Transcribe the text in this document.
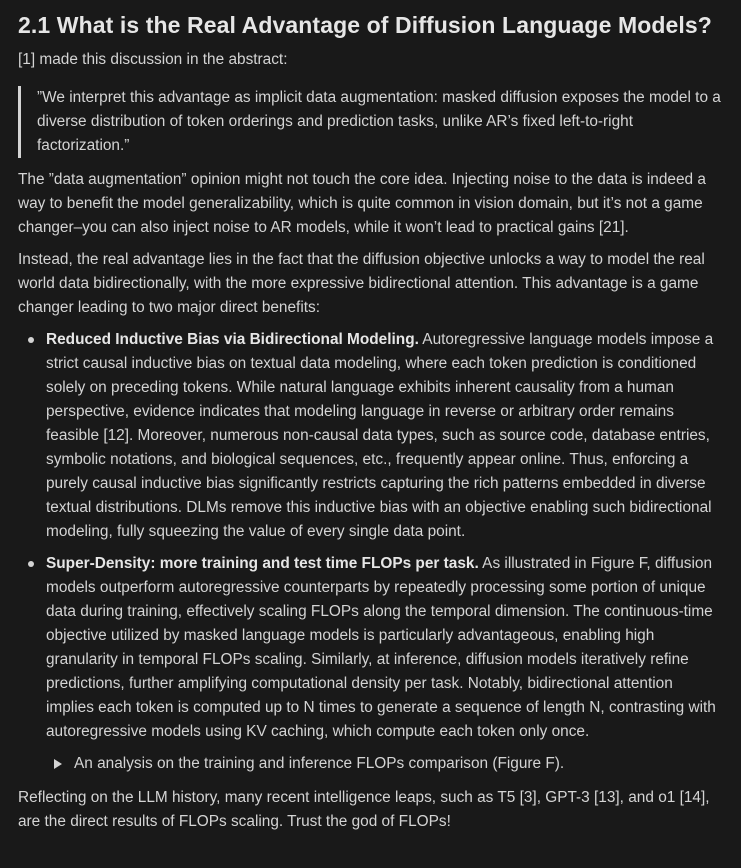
2.1 What is the Real Advantage of Diffusion Language Models?

[1] made this discussion in the abstract:

”We interpret this advantage as implicit data augmentation: masked diffusion exposes the model to a diverse distribution of token orderings and prediction tasks, unlike AR’s fixed left-to-right factorization.”

The ”data augmentation” opinion might not touch the core idea. Injecting noise to the data is indeed a way to benefit the model generalizability, which is quite common in vision domain, but it’s not a game changer–you can also inject noise to AR models, while it won’t lead to practical gains [21].

Instead, the real advantage lies in the fact that the diffusion objective unlocks a way to model the real world data bidirectionally, with the more expressive bidirectional attention. This advantage is a game changer leading to two major direct benefits:

Reduced Inductive Bias via Bidirectional Modeling. Autoregressive language models impose a strict causal inductive bias on textual data modeling, where each token prediction is conditioned solely on preceding tokens. While natural language exhibits inherent causality from a human perspective, evidence indicates that modeling language in reverse or arbitrary order remains feasible [12]. Moreover, numerous non-causal data types, such as source code, database entries, symbolic notations, and biological sequences, etc., frequently appear online. Thus, enforcing a purely causal inductive bias significantly restricts capturing the rich patterns embedded in diverse textual distributions. DLMs remove this inductive bias with an objective enabling such bidirectional modeling, fully squeezing the value of every single data point.
Super-Density: more training and test time FLOPs per task. As illustrated in Figure F, diffusion models outperform autoregressive counterparts by repeatedly processing some portion of unique data during training, effectively scaling FLOPs along the temporal dimension. The continuous-time objective utilized by masked language models is particularly advantageous, enabling high granularity in temporal FLOPs scaling. Similarly, at inference, diffusion models iteratively refine predictions, further amplifying computational density per task. Notably, bidirectional attention implies each token is computed up to N times to generate a sequence of length N, contrasting with autoregressive models using KV caching, which compute each token only once.
An analysis on the training and inference FLOPs comparison (Figure F).

Reflecting on the LLM history, many recent intelligence leaps, such as T5 [3], GPT-3 [13], and o1 [14], are the direct results of FLOPs scaling. Trust the god of FLOPs!
